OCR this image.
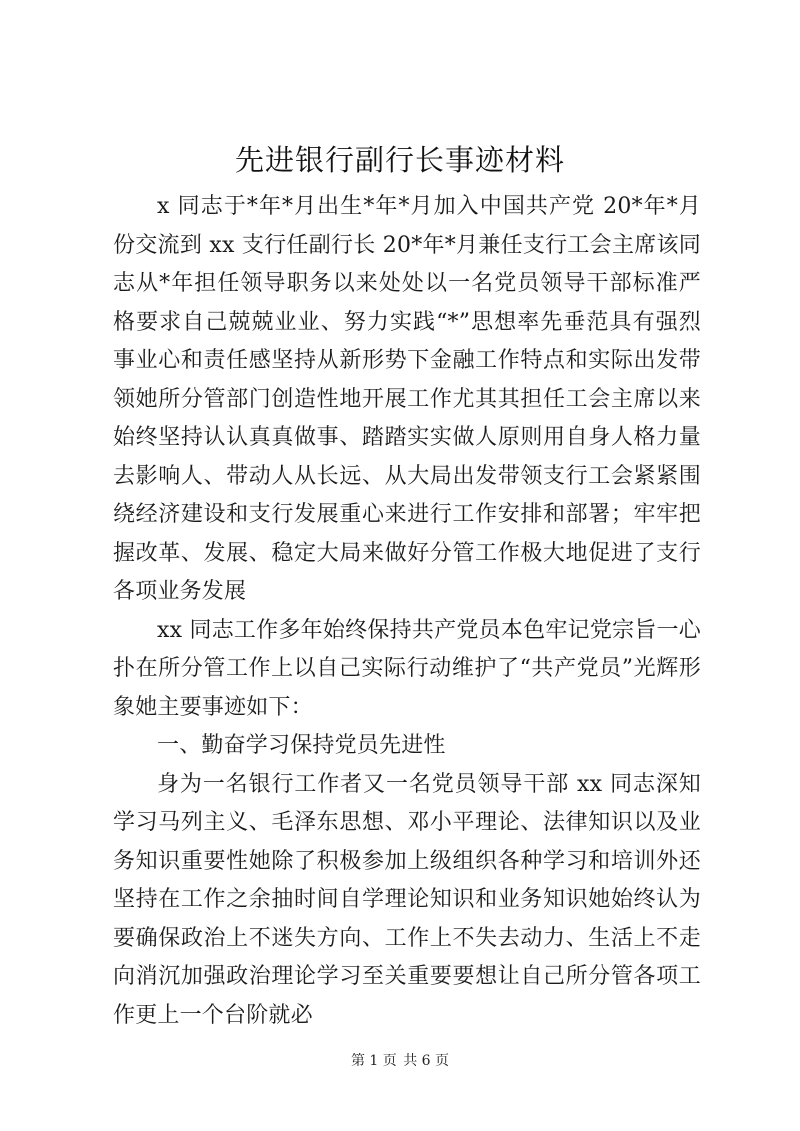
先进银行副行长事迹材料

x 同志于*年*月出生*年*月加入中国共产党 20*年*月份交流到 xx 支行任副行长 20*年*月兼任支行工会主席该同志从*年担任领导职务以来处处以一名党员领导干部标准严格要求自己兢兢业业、努力实践“*”思想率先垂范具有强烈事业心和责任感坚持从新形势下金融工作特点和实际出发带领她所分管部门创造性地开展工作尤其其担任工会主席以来始终坚持认认真真做事、踏踏实实做人原则用自身人格力量去影响人、带动人从长远、从大局出发带领支行工会紧紧围绕经济建设和支行发展重心来进行工作安排和部署；牢牢把握改革、发展、稳定大局来做好分管工作极大地促进了支行各项业务发展

xx 同志工作多年始终保持共产党员本色牢记党宗旨一心扑在所分管工作上以自己实际行动维护了“共产党员”光辉形象她主要事迹如下：

一、勤奋学习保持党员先进性

身为一名银行工作者又一名党员领导干部 xx 同志深知学习马列主义、毛泽东思想、邓小平理论、法律知识以及业务知识重要性她除了积极参加上级组织各种学习和培训外还坚持在工作之余抽时间自学理论知识和业务知识她始终认为要确保政治上不迷失方向、工作上不失去动力、生活上不走向消沉加强政治理论学习至关重要要想让自己所分管各项工作更上一个台阶就必

第 1 页 共 6 页
